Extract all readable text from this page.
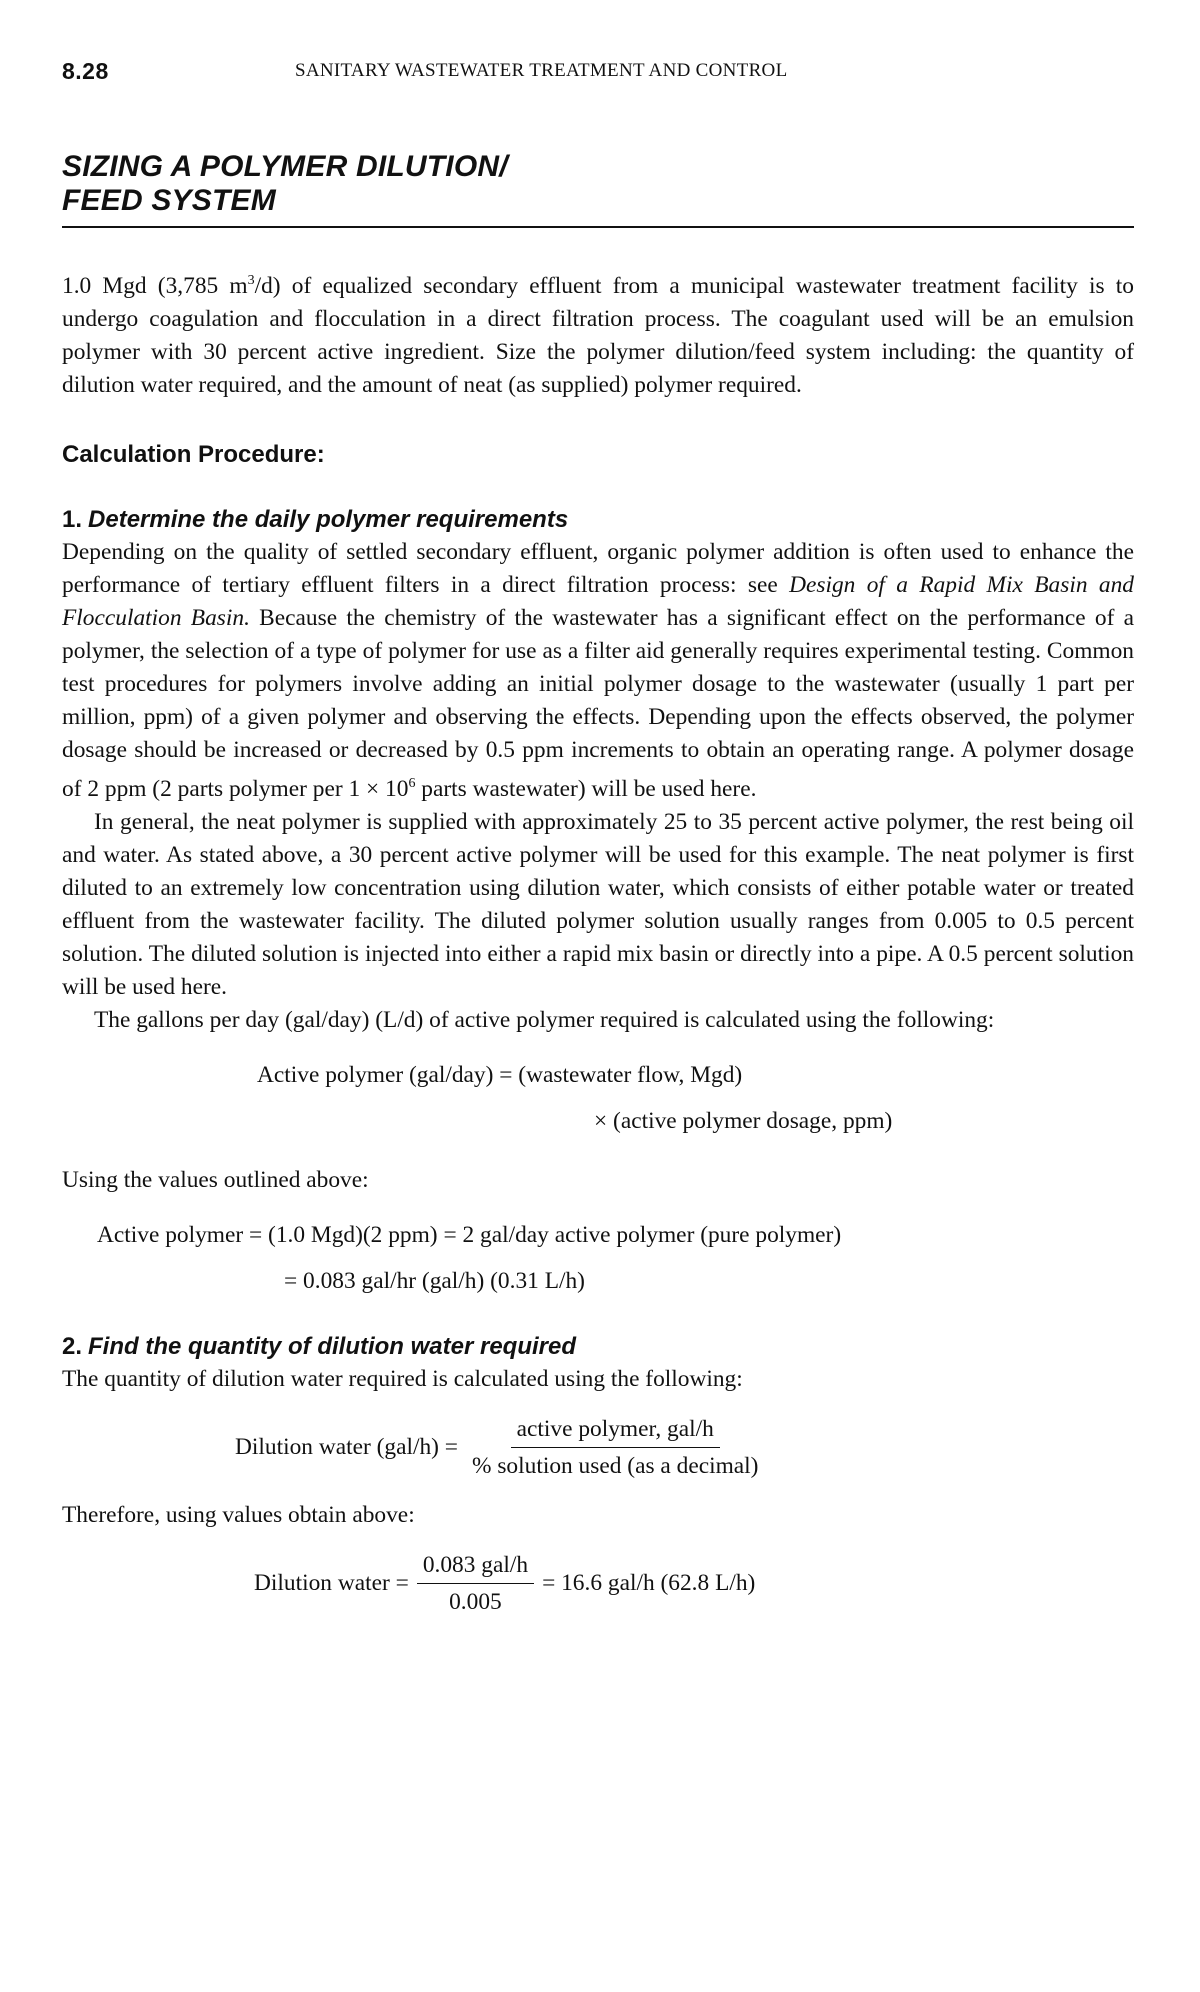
8.28	SANITARY WASTEWATER TREATMENT AND CONTROL
SIZING A POLYMER DILUTION/
FEED SYSTEM

1.0 Mgd (3,785 $m^3/d$) of equalized secondary effluent from a municipal wastewater treatment facility is to undergo coagulation and flocculation in a direct filtration process. The coagulant used will be an emulsion polymer with 30 percent active ingredient. Size the polymer dilution/feed system including: the quantity of dilution water required, and the amount of neat (as supplied) polymer required.

Calculation Procedure:
1. Determine the daily polymer requirements

Depending on the quality of settled secondary effluent, organic polymer addition is often used to enhance the performance of tertiary effluent filters in a direct filtration process: see Design of a Rapid Mix Basin and Flocculation Basin. Because the chemistry of the wastewater has a significant effect on the performance of a polymer, the selection of a type of polymer for use as a filter aid generally requires experimental testing. Common test procedures for polymers involve adding an initial polymer dosage to the wastewater (usually 1 part per million, ppm) of a given polymer and observing the effects. Depending upon the effects observed, the polymer dosage should be increased or decreased by 0.5 ppm increments to obtain an operating range. A polymer dosage of 2 ppm (2 parts polymer per $1 \times 10^6$ parts wastewater) will be used here.

In general, the neat polymer is supplied with approximately 25 to 35 percent active polymer, the rest being oil and water. As stated above, a 30 percent active polymer will be used for this example. The neat polymer is first diluted to an extremely low concentration using dilution water, which consists of either potable water or treated effluent from the wastewater facility. The diluted polymer solution usually ranges from 0.005 to 0.5 percent solution. The diluted solution is injected into either a rapid mix basin or directly into a pipe. A 0.5 percent solution will be used here.

The gallons per day (gal/day) (L/d) of active polymer required is calculated using the following:

Active polymer (gal/day) = (wastewater flow, Mgd)
× (active polymer dosage, ppm)

Using the values outlined above:

Active polymer = (1.0 Mgd)(2 ppm) = 2 gal/day active polymer (pure polymer)
= 0.083 gal/hr (gal/h) (0.31 L/h)
2. Find the quantity of dilution water required

The quantity of dilution water required is calculated using the following:

Dilution water $(gal/h) = \frac{\text{active polymer, gal/h}}{\text{\% solution used (as a decimal)}}$

Therefore, using values obtain above:

Dilution water = $\frac{\text{0.083 gal/h}}{0.005} = 16.6$ gal/h (62.8 L/h)
